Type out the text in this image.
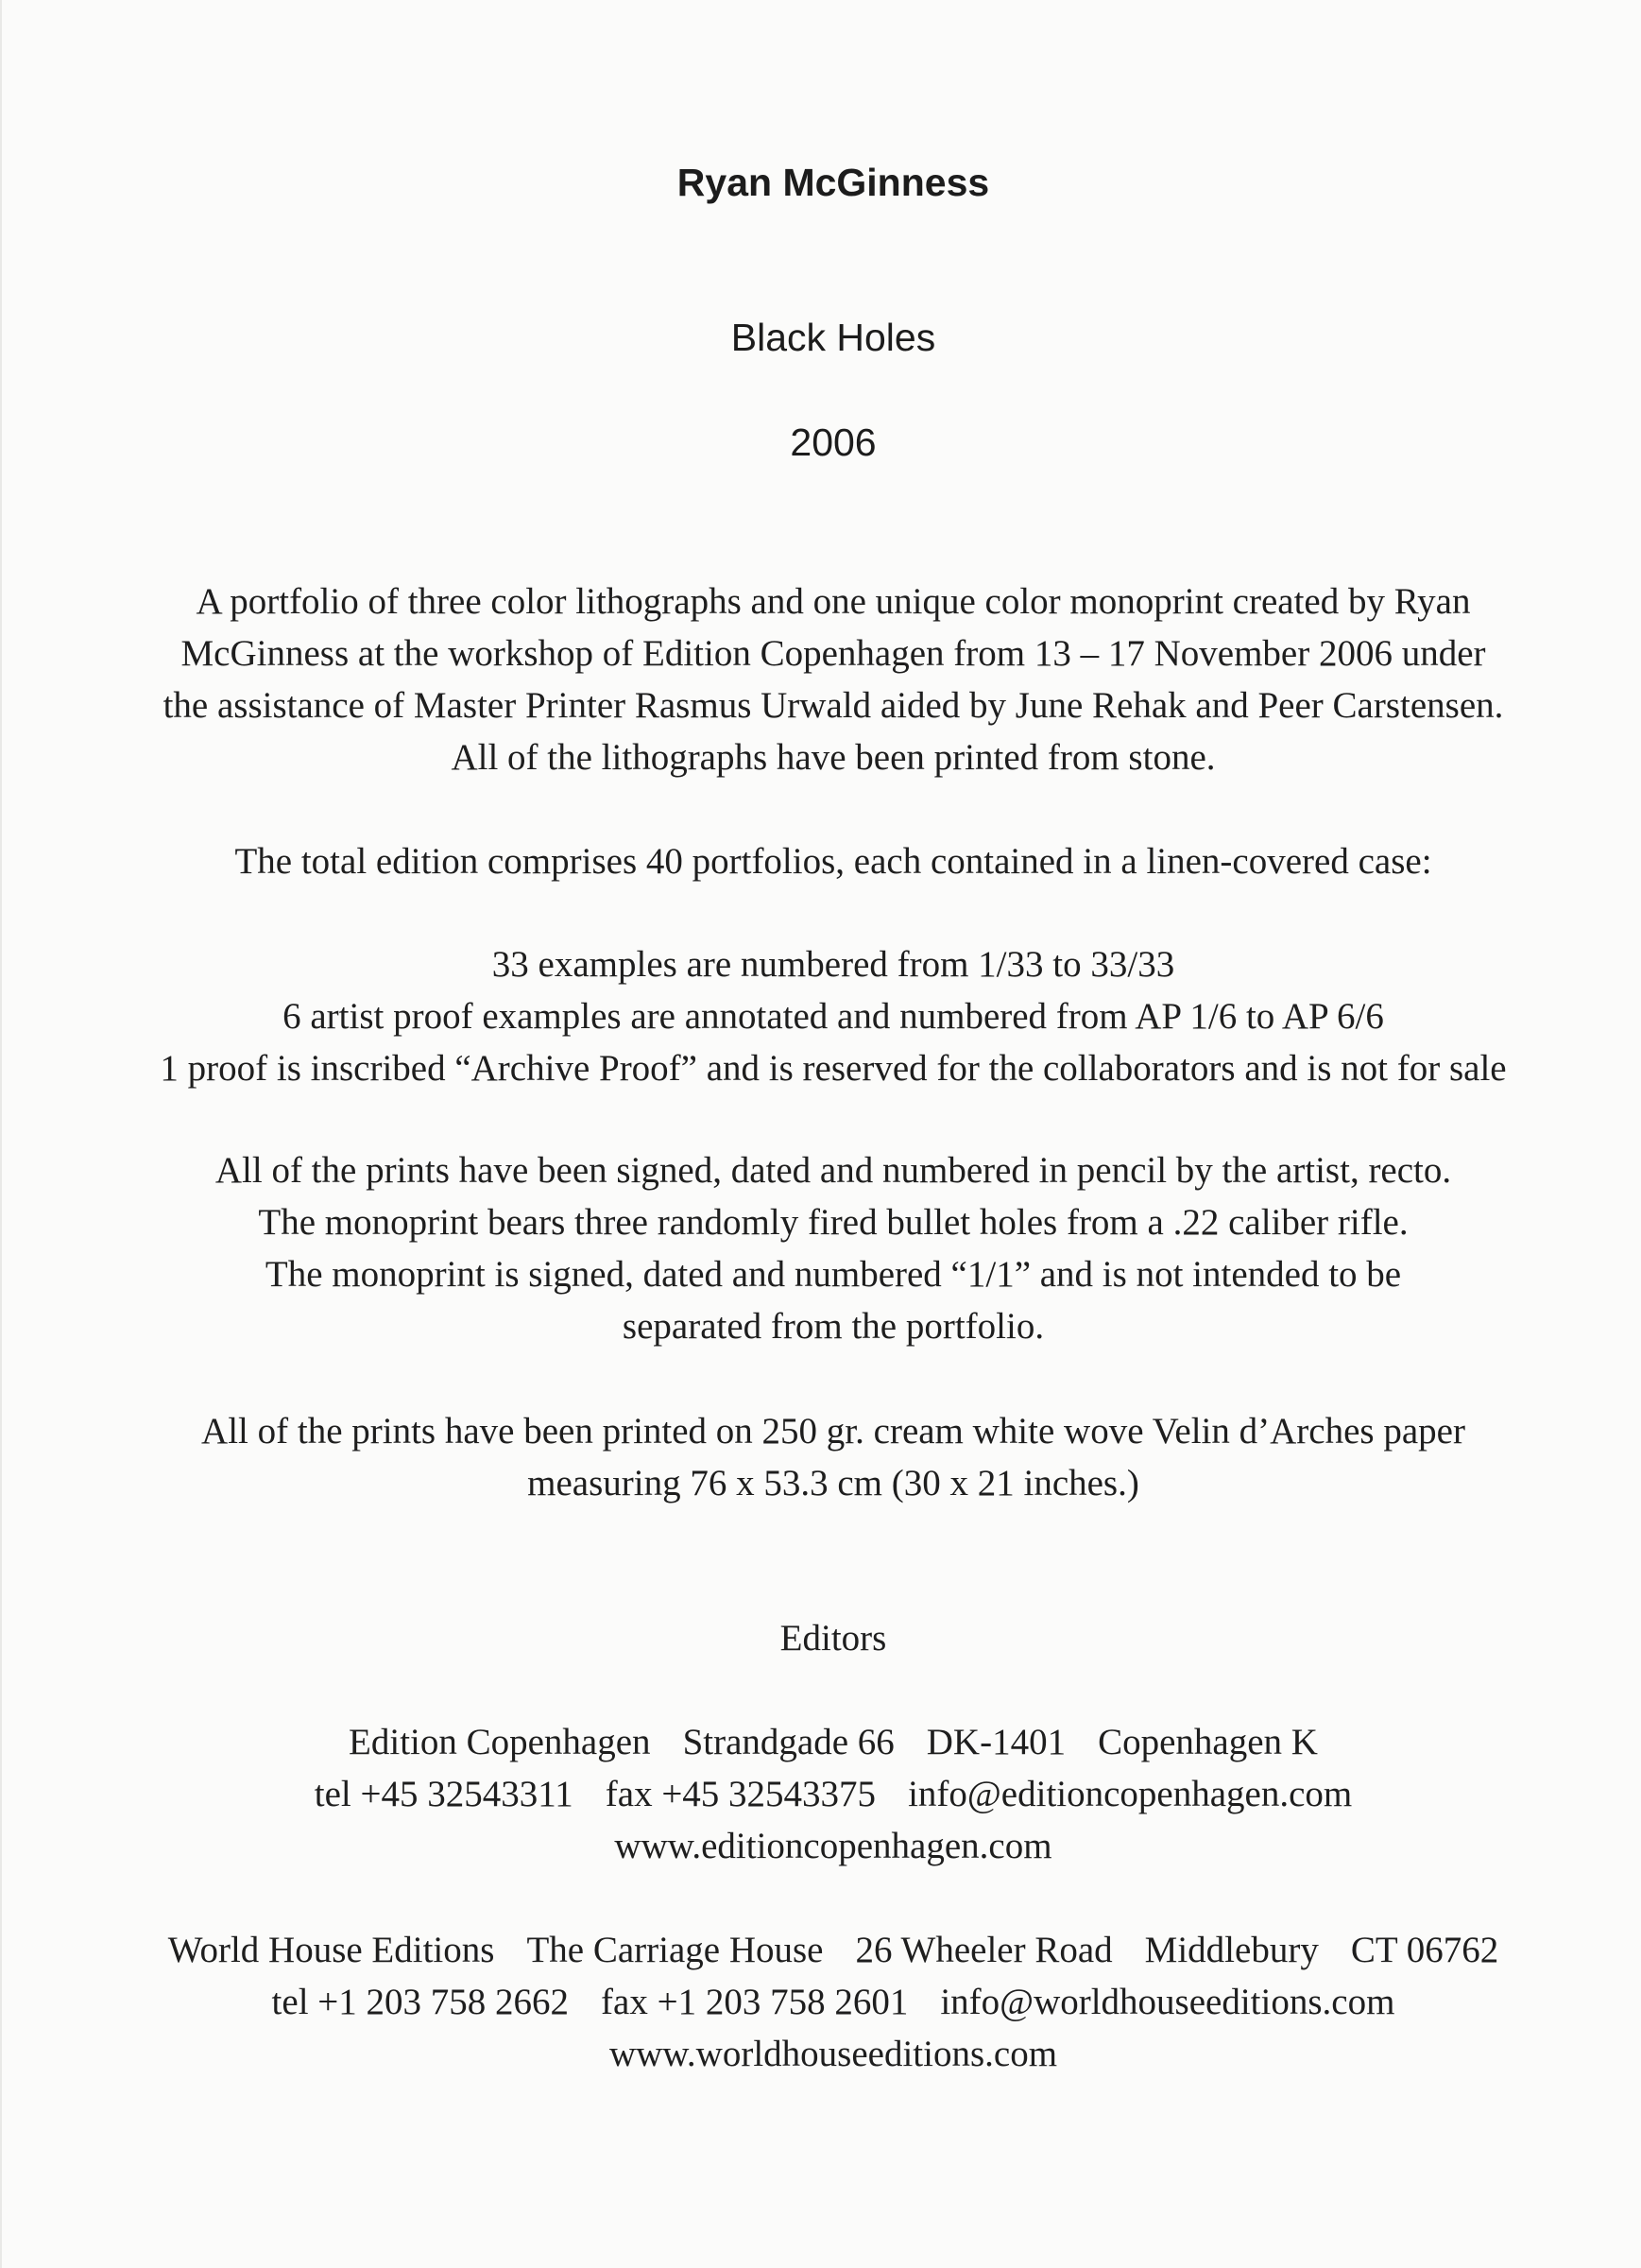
Ryan McGinness
Black Holes
2006
A portfolio of three color lithographs and one unique color monoprint created by Ryan
McGinness at the workshop of Edition Copenhagen from 13 – 17 November 2006 under
the assistance of Master Printer Rasmus Urwald aided by June Rehak and Peer Carstensen.
All of the lithographs have been printed from stone.
The total edition comprises 40 portfolios, each contained in a linen-covered case:
33 examples are numbered from 1/33 to 33/33
6 artist proof examples are annotated and numbered from AP 1/6 to AP 6/6
1 proof is inscribed “Archive Proof” and is reserved for the collaborators and is not for sale
All of the prints have been signed, dated and numbered in pencil by the artist, recto.
The monoprint bears three randomly fired bullet holes from a .22 caliber rifle.
The monoprint is signed, dated and numbered “1/1” and is not intended to be
separated from the portfolio.
All of the prints have been printed on 250 gr. cream white wove Velin d’Arches paper
measuring 76 x 53.3 cm (30 x 21 inches.)
Editors
Edition Copenhagen Strandgade 66 DK-1401 Copenhagen K
tel +45 32543311 fax +45 32543375 info@editioncopenhagen.com
www.editioncopenhagen.com
World House Editions The Carriage House 26 Wheeler Road Middlebury CT 06762
tel +1 203 758 2662 fax +1 203 758 2601 info@worldhouseeditions.com
www.worldhouseeditions.com
